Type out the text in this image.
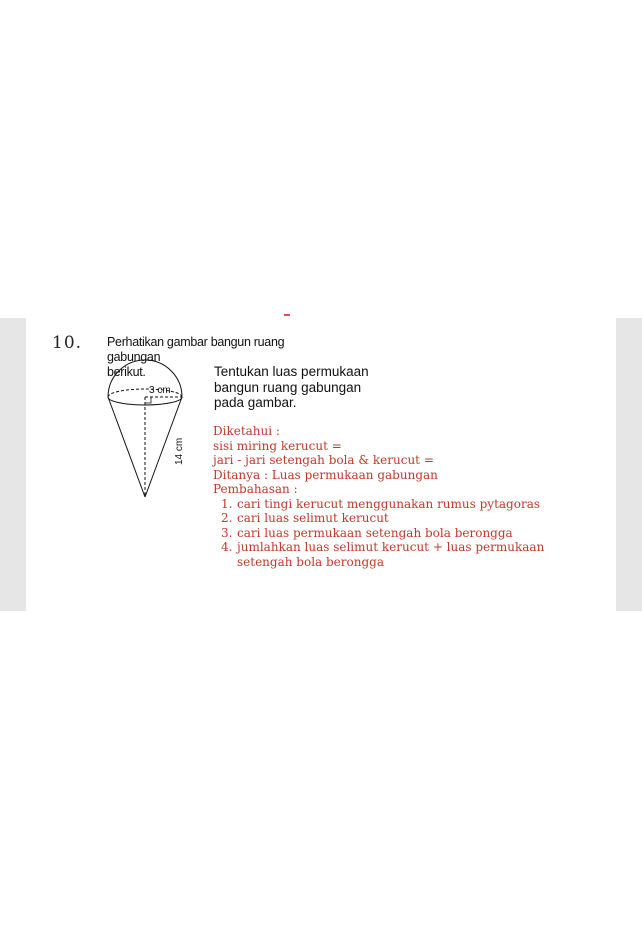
10. Perhatikan gambar bangun ruang gabungan
berikut.
3 cm
14 cm
Tentukan luas permukaan
bangun ruang gabungan
pada gambar.
Diketahui :
sisi miring kerucut =
jari - jari setengah bola & kerucut =
Ditanya : Luas permukaan gabungan
Pembahasan :
1. cari tingi kerucut menggunakan rumus pytagoras
2. cari luas selimut kerucut
3. cari luas permukaan setengah bola berongga
4. jumlahkan luas selimut kerucut + luas permukaan
setengah bola berongga
